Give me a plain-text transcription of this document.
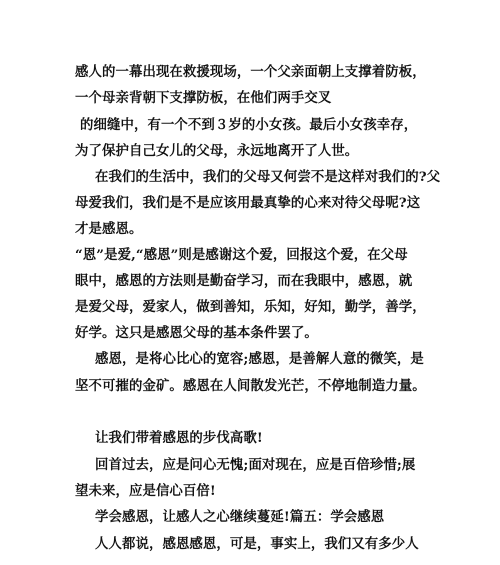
感人的一幕出现在救援现场，一个父亲面朝上支撑着防板，
一个母亲背朝下支撑防板，在他们两手交叉
的细缝中，有一个不到３岁的小女孩。最后小女孩幸存，
为了保护自己女儿的父母，永远地离开了人世。
在我们的生活中，我们的父母又何尝不是这样对我们的?父
母爱我们，我们是不是应该用最真挚的心来对待父母呢?这
才是感恩。
“恩”是爱,“感恩”则是感谢这个爱，回报这个爱，在父母
眼中，感恩的方法则是勤奋学习，而在我眼中，感恩，就
是爱父母，爱家人，做到善知，乐知，好知，勤学，善学，
好学。这只是感恩父母的基本条件罢了。
感恩，是将心比心的宽容;感恩，是善解人意的微笑，是
坚不可摧的金矿。感恩在人间散发光芒，不停地制造力量。
让我们带着感恩的步伐高歌!
回首过去，应是问心无愧;面对现在，应是百倍珍惜;展
望未来，应是信心百倍!
学会感恩，让感人之心继续蔓延!篇五：学会感恩
人人都说，感恩感恩，可是，事实上，我们又有多少人
